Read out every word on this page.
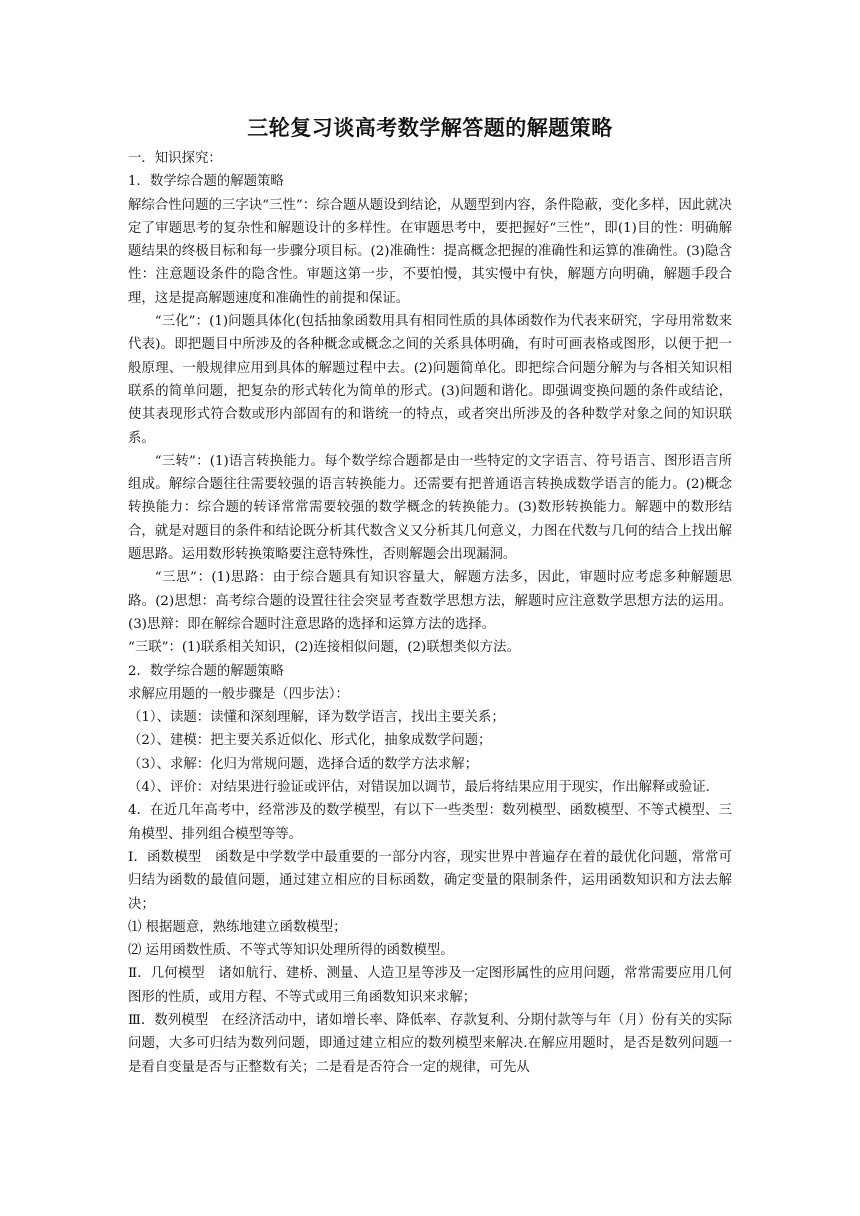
三轮复习谈高考数学解答题的解题策略

一．知识探究：

1．数学综合题的解题策略

解综合性问题的三字诀“三性”：综合题从题设到结论，从题型到内容，条件隐蔽，变化多样，因此就决定了审题思考的复杂性和解题设计的多样性。在审题思考中，要把握好“三性”，即(1)目的性：明确解题结果的终极目标和每一步骤分项目标。(2)准确性：提高概念把握的准确性和运算的准确性。(3)隐含性：注意题设条件的隐含性。审题这第一步，不要怕慢，其实慢中有快，解题方向明确，解题手段合理，这是提高解题速度和准确性的前提和保证。

“三化”：(1)问题具体化(包括抽象函数用具有相同性质的具体函数作为代表来研究，字母用常数来代表)。即把题目中所涉及的各种概念或概念之间的关系具体明确，有时可画表格或图形，以便于把一般原理、一般规律应用到具体的解题过程中去。(2)问题简单化。即把综合问题分解为与各相关知识相联系的简单问题，把复杂的形式转化为简单的形式。(3)问题和谐化。即强调变换问题的条件或结论，使其表现形式符合数或形内部固有的和谐统一的特点，或者突出所涉及的各种数学对象之间的知识联系。

“三转”：(1)语言转换能力。每个数学综合题都是由一些特定的文字语言、符号语言、图形语言所组成。解综合题往往需要较强的语言转换能力。还需要有把普通语言转换成数学语言的能力。(2)概念转换能力：综合题的转译常常需要较强的数学概念的转换能力。(3)数形转换能力。解题中的数形结合，就是对题目的条件和结论既分析其代数含义又分析其几何意义，力图在代数与几何的结合上找出解题思路。运用数形转换策略要注意特殊性，否则解题会出现漏洞。

“三思”：(1)思路：由于综合题具有知识容量大，解题方法多，因此，审题时应考虑多种解题思路。(2)思想：高考综合题的设置往往会突显考查数学思想方法，解题时应注意数学思想方法的运用。(3)思辩：即在解综合题时注意思路的选择和运算方法的选择。

“三联”：(1)联系相关知识，(2)连接相似问题，(2)联想类似方法。

2．数学综合题的解题策略

求解应用题的一般步骤是（四步法）：

（1）、读题：读懂和深刻理解，译为数学语言，找出主要关系；

（2）、建模：把主要关系近似化、形式化，抽象成数学问题；

（3）、求解：化归为常规问题，选择合适的数学方法求解；

（4）、评价：对结果进行验证或评估，对错误加以调节，最后将结果应用于现实，作出解释或验证.

4．在近几年高考中，经常涉及的数学模型，有以下一些类型：数列模型、函数模型、不等式模型、三角模型、排列组合模型等等。

Ⅰ．函数模型　函数是中学数学中最重要的一部分内容，现实世界中普遍存在着的最优化问题，常常可归结为函数的最值问题，通过建立相应的目标函数，确定变量的限制条件，运用函数知识和方法去解决；

⑴ 根据题意，熟练地建立函数模型；

⑵ 运用函数性质、不等式等知识处理所得的函数模型。

Ⅱ．几何模型　诸如航行、建桥、测量、人造卫星等涉及一定图形属性的应用问题，常常需要应用几何图形的性质，或用方程、不等式或用三角函数知识来求解；

Ⅲ．数列模型　在经济活动中，诸如增长率、降低率、存款复利、分期付款等与年（月）份有关的实际问题，大多可归结为数列问题，即通过建立相应的数列模型来解决.在解应用题时，是否是数列问题一是看自变量是否与正整数有关；二是看是否符合一定的规律，可先从
